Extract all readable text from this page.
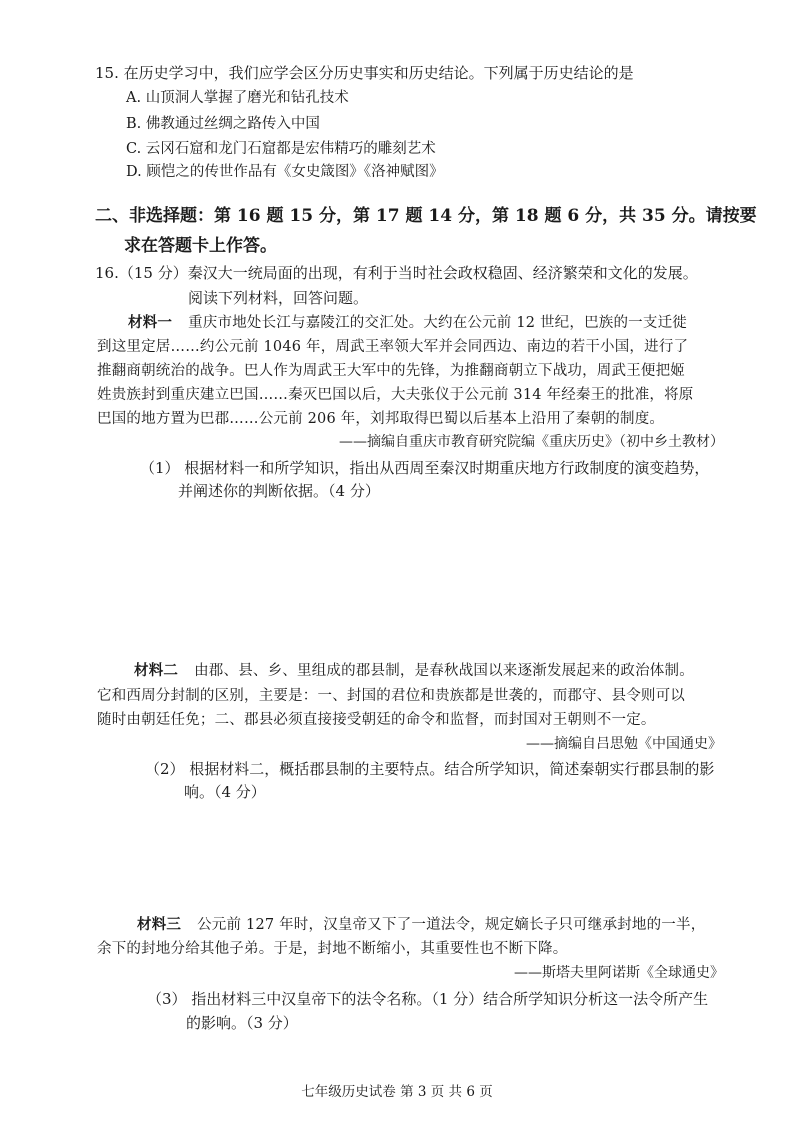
15. 在历史学习中，我们应学会区分历史事实和历史结论。下列属于历史结论的是
A. 山顶洞人掌握了磨光和钻孔技术
B. 佛教通过丝绸之路传入中国
C. 云冈石窟和龙门石窟都是宏伟精巧的雕刻艺术
D. 顾恺之的传世作品有《女史箴图》《洛神赋图》
二、非选择题：第 16 题 15 分，第 17 题 14 分，第 18 题 6 分，共 35 分。请按要
求在答题卡上作答。
16.（15 分）秦汉大一统局面的出现，有利于当时社会政权稳固、经济繁荣和文化的发展。
阅读下列材料，回答问题。
材料一 重庆市地处长江与嘉陵江的交汇处。大约在公元前 12 世纪，巴族的一支迁徙
到这里定居……约公元前 1046 年，周武王率领大军并会同西边、南边的若干小国，进行了
推翻商朝统治的战争。巴人作为周武王大军中的先锋，为推翻商朝立下战功，周武王便把姬
姓贵族封到重庆建立巴国……秦灭巴国以后，大夫张仪于公元前 314 年经秦王的批准，将原
巴国的地方置为巴郡……公元前 206 年，刘邦取得巴蜀以后基本上沿用了秦朝的制度。
——摘编自重庆市教育研究院编《重庆历史》（初中乡土教材）
（1） 根据材料一和所学知识，指出从西周至秦汉时期重庆地方行政制度的演变趋势，
并阐述你的判断依据。（4 分）
材料二 由郡、县、乡、里组成的郡县制，是春秋战国以来逐渐发展起来的政治体制。
它和西周分封制的区别，主要是：一、封国的君位和贵族都是世袭的，而郡守、县令则可以
随时由朝廷任免；二、郡县必须直接接受朝廷的命令和监督，而封国对王朝则不一定。
——摘编自吕思勉《中国通史》
（2） 根据材料二，概括郡县制的主要特点。结合所学知识，简述秦朝实行郡县制的影
响。（4 分）
材料三 公元前 127 年时，汉皇帝又下了一道法令，规定嫡长子只可继承封地的一半，
余下的封地分给其他子弟。于是，封地不断缩小，其重要性也不断下降。
——斯塔夫里阿诺斯《全球通史》
（3） 指出材料三中汉皇帝下的法令名称。（1 分）结合所学知识分析这一法令所产生
的影响。（3 分）
七年级历史试卷 第 3 页 共 6 页
